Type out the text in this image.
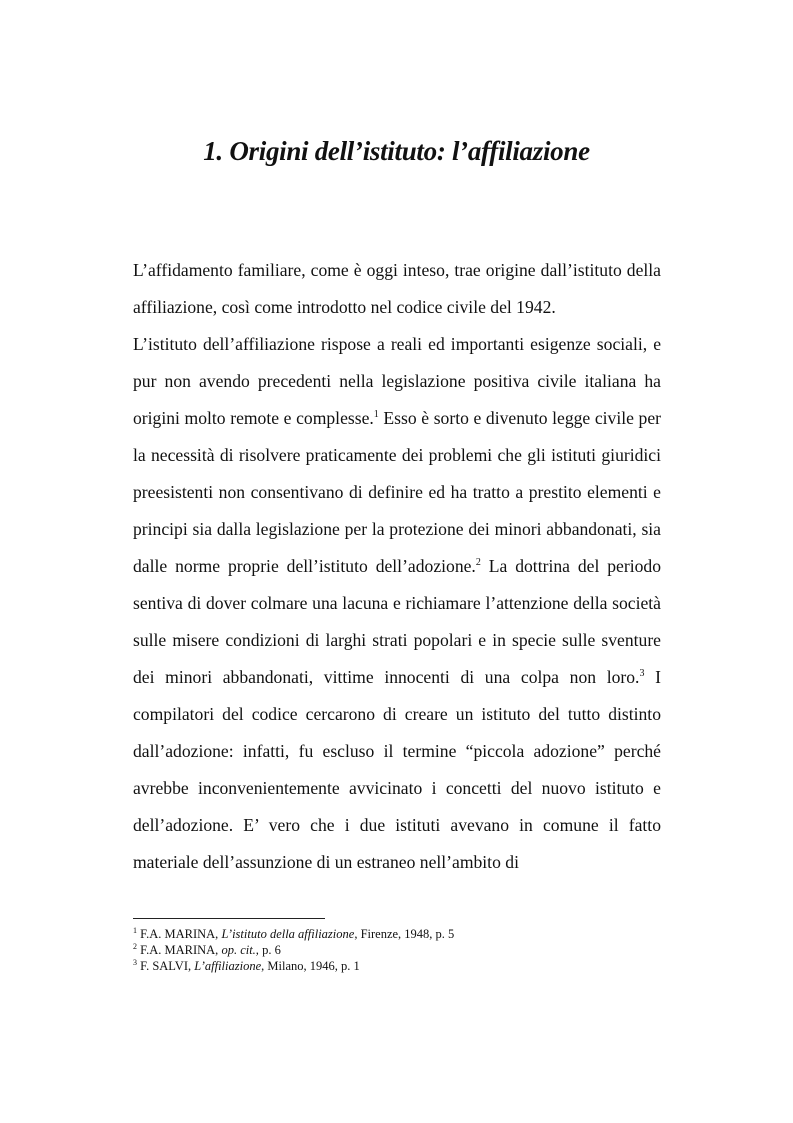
1. Origini dell’istituto: l’affiliazione

L’affidamento familiare, come è oggi inteso, trae origine dall’istituto della affiliazione, così come introdotto nel codice civile del 1942.

L’istituto dell’affiliazione rispose a reali ed importanti esigenze sociali, e pur non avendo precedenti nella legislazione positiva civile italiana ha origini molto remote e complesse.$^1$ Esso è sorto e divenuto legge civile per la necessità di risolvere praticamente dei problemi che gli istituti giuridici preesistenti non consentivano di definire ed ha tratto a prestito elementi e principi sia dalla legislazione per la protezione dei minori abbandonati, sia dalle norme proprie dell’istituto dell’adozione.$^2$ La dottrina del periodo sentiva di dover colmare una lacuna e richiamare l’attenzione della società sulle misere condizioni di larghi strati popolari e in specie sulle sventure dei minori abbandonati, vittime innocenti di una colpa non loro.$^3$ I compilatori del codice cercarono di creare un istituto del tutto distinto dall’adozione: infatti, fu escluso il termine “piccola adozione” perché avrebbe inconvenientemente avvicinato i concetti del nuovo istituto e dell’adozione. E’ vero che i due istituti avevano in comune il fatto materiale dell’assunzione di un estraneo nell’ambito di

$^1$ F.A. MARINA, L’istituto della affiliazione, Firenze, 1948, p. 5
$^2$ F.A. MARINA, op. cit., p. 6
$^3$ F. SALVI, L’affiliazione, Milano, 1946, p. 1
